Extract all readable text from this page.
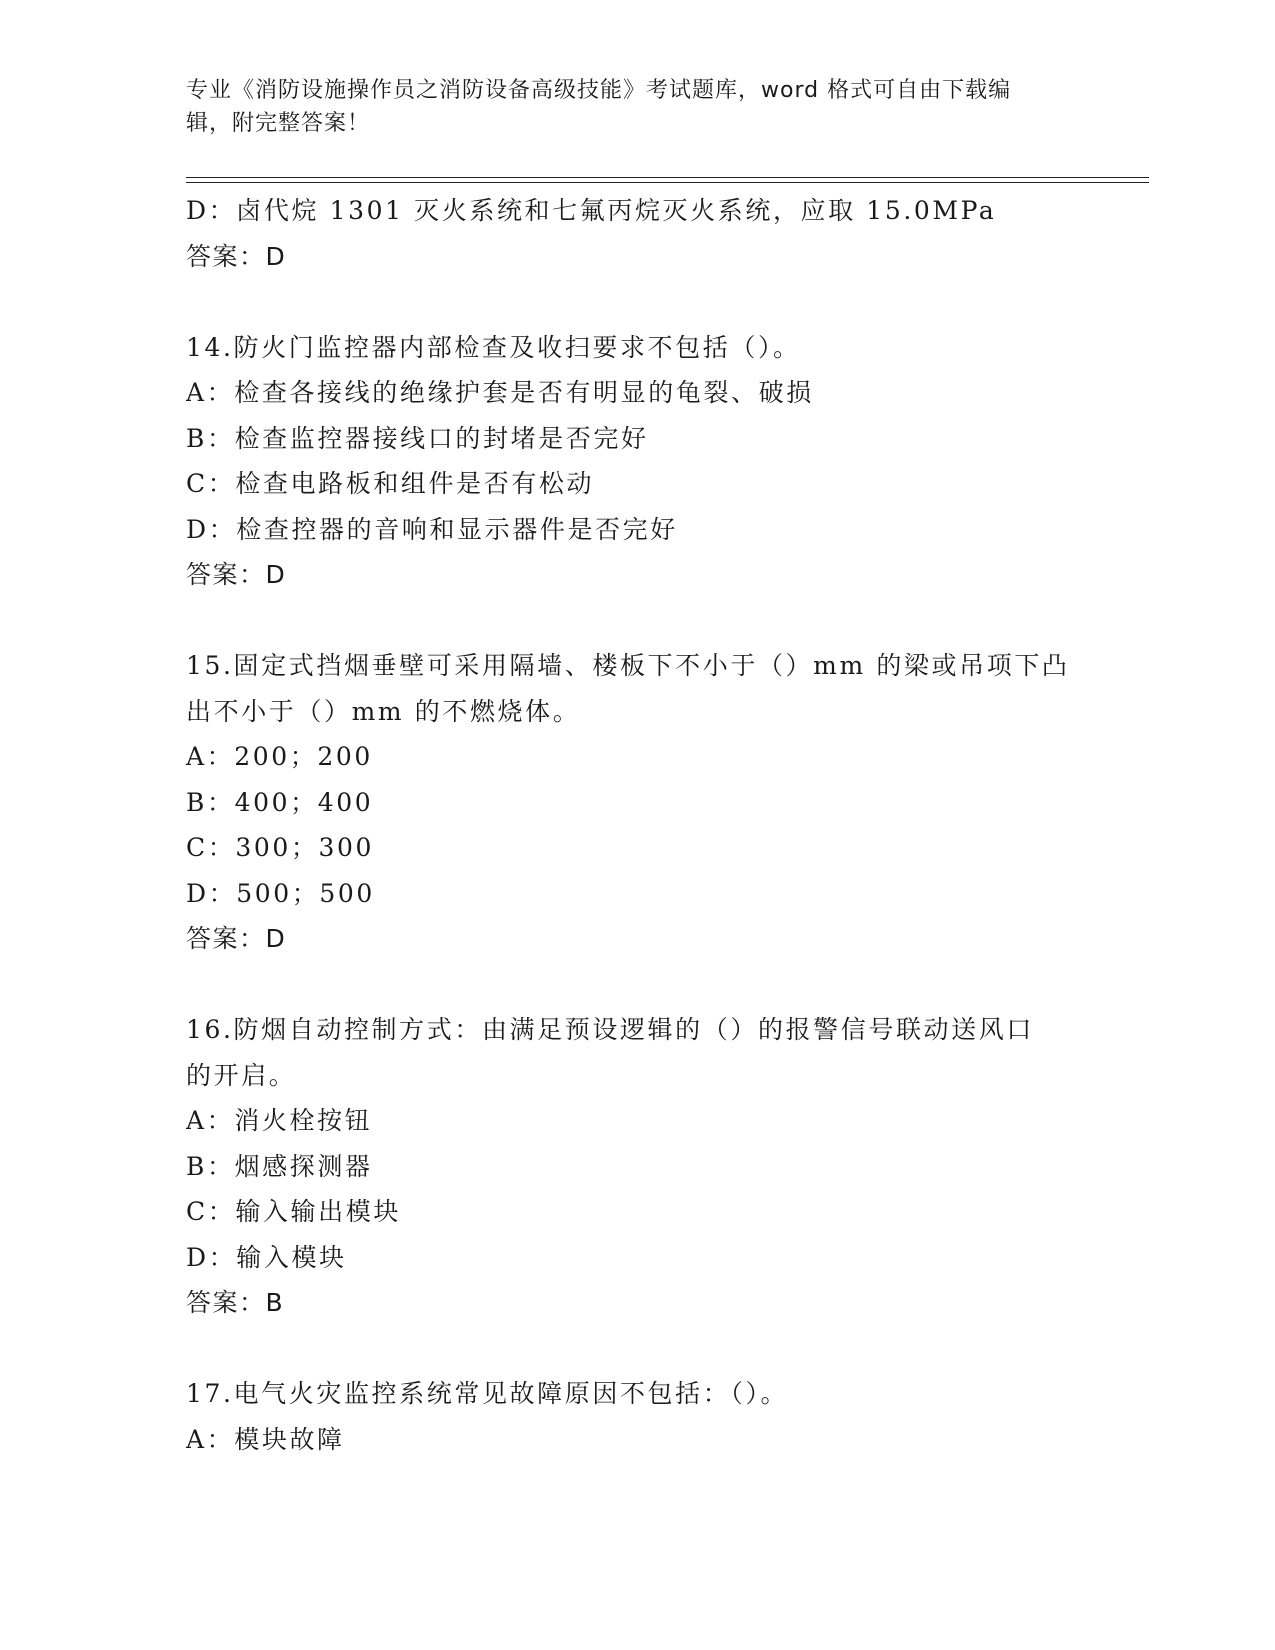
专业《消防设施操作员之消防设备高级技能》考试题库，word 格式可自由下载编
辑，附完整答案！
D：卤代烷 1301 灭火系统和七氟丙烷灭火系统，应取 15.0MPa
答案：D
14.防火门监控器内部检查及收扫要求不包括（）。
A：检查各接线的绝缘护套是否有明显的龟裂、破损
B：检查监控器接线口的封堵是否完好
C：检查电路板和组件是否有松动
D：检查控器的音响和显示器件是否完好
答案：D
15.固定式挡烟垂壁可采用隔墙、楼板下不小于（）mm 的梁或吊项下凸
出不小于（）mm 的不燃烧体。
A：200；200
B：400；400
C：300；300
D：500；500
答案：D
16.防烟自动控制方式：由满足预设逻辑的（）的报警信号联动送风口
的开启。
A：消火栓按钮
B：烟感探测器
C：输入输出模块
D：输入模块
答案：B
17.电气火灾监控系统常见故障原因不包括：（）。
A：模块故障
